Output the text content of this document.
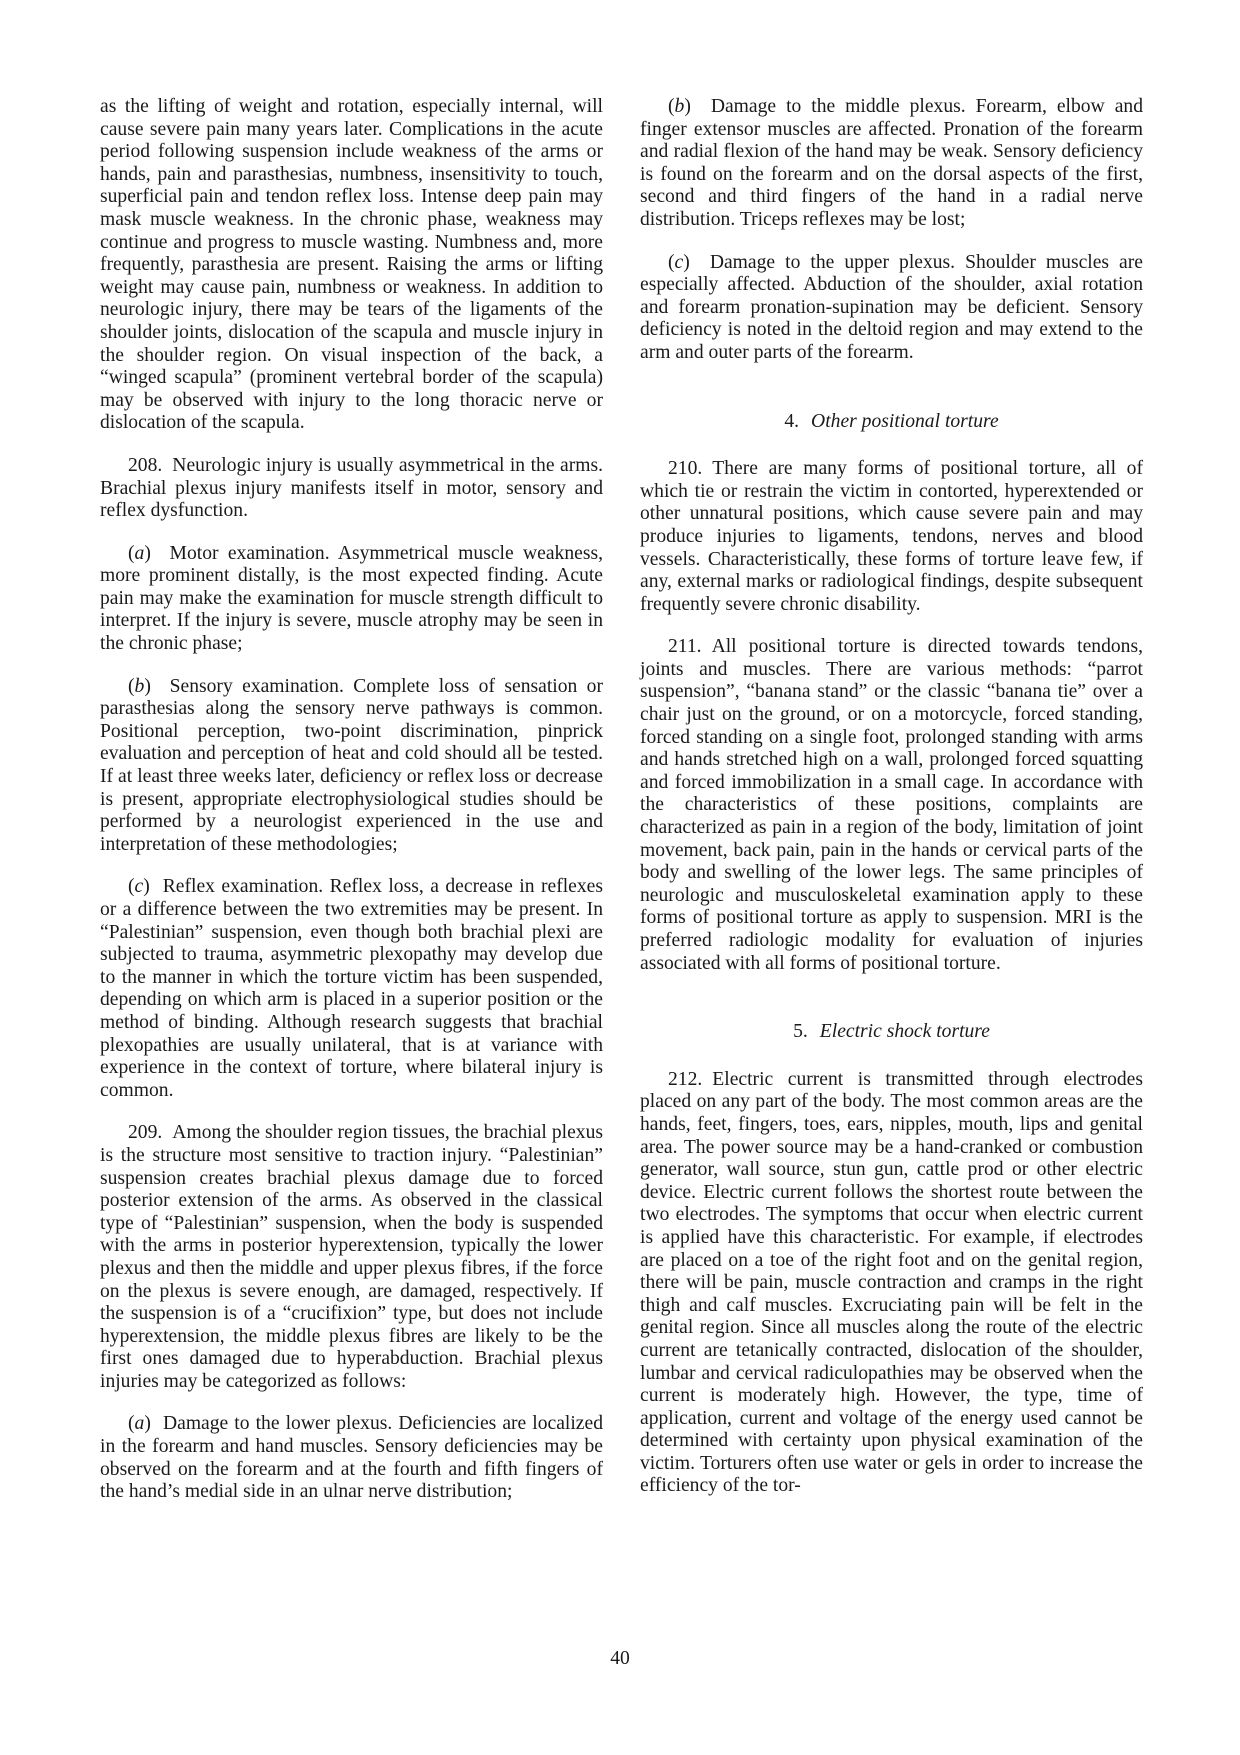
as the lifting of weight and rotation, especially internal, will cause severe pain many years later. Complications in the acute period following suspension include weakness of the arms or hands, pain and parasthesias, numbness, insensitivity to touch, superficial pain and tendon reflex loss. Intense deep pain may mask muscle weakness. In the chronic phase, weakness may continue and progress to muscle wasting. Numbness and, more frequently, parasthesia are present. Raising the arms or lifting weight may cause pain, numbness or weakness. In addition to neurologic injury, there may be tears of the ligaments of the shoulder joints, dislocation of the scapula and muscle injury in the shoulder region. On visual inspection of the back, a “winged scapula” (prominent vertebral border of the scapula) may be observed with injury to the long thoracic nerve or dislocation of the scapula.

208. Neurologic injury is usually asymmetrical in the arms. Brachial plexus injury manifests itself in motor, sensory and reflex dysfunction.

(a)  Motor examination. Asymmetrical muscle weakness, more prominent distally, is the most expected finding. Acute pain may make the examination for muscle strength difficult to interpret. If the injury is severe, muscle atrophy may be seen in the chronic phase;

(b)  Sensory examination. Complete loss of sensation or parasthesias along the sensory nerve pathways is common. Positional perception, two-point discrimination, pinprick evaluation and perception of heat and cold should all be tested. If at least three weeks later, deficiency or reflex loss or decrease is present, appropriate electrophysiological studies should be performed by a neurologist experienced in the use and interpretation of these methodologies;

(c)  Reflex examination. Reflex loss, a decrease in reflexes or a difference between the two extremities may be present. In “Palestinian” suspension, even though both brachial plexi are subjected to trauma, asymmetric plexopathy may develop due to the manner in which the torture victim has been suspended, depending on which arm is placed in a superior position or the method of binding. Although research suggests that brachial plexopathies are usually unilateral, that is at variance with experience in the context of torture, where bilateral injury is common.

209. Among the shoulder region tissues, the brachial plexus is the structure most sensitive to traction injury. “Palestinian” suspension creates brachial plexus damage due to forced posterior extension of the arms. As observed in the classical type of “Palestinian” suspension, when the body is suspended with the arms in posterior hyperextension, typically the lower plexus and then the middle and upper plexus fibres, if the force on the plexus is severe enough, are damaged, respectively. If the suspension is of a “crucifixion” type, but does not include hyperextension, the middle plexus fibres are likely to be the first ones damaged due to hyperabduction. Brachial plexus injuries may be categorized as follows:

(a)  Damage to the lower plexus. Deficiencies are localized in the forearm and hand muscles. Sensory deficiencies may be observed on the forearm and at the fourth and fifth fingers of the hand’s medial side in an ulnar nerve distribution;

(b)  Damage to the middle plexus. Forearm, elbow and finger extensor muscles are affected. Pronation of the forearm and radial flexion of the hand may be weak. Sensory deficiency is found on the forearm and on the dorsal aspects of the first, second and third fingers of the hand in a radial nerve distribution. Triceps reflexes may be lost;

(c)  Damage to the upper plexus. Shoulder muscles are especially affected. Abduction of the shoulder, axial rotation and forearm pronation-supination may be deficient. Sensory deficiency is noted in the deltoid region and may extend to the arm and outer parts of the forearm.

4. Other positional torture

210. There are many forms of positional torture, all of which tie or restrain the victim in contorted, hyperextended or other unnatural positions, which cause severe pain and may produce injuries to ligaments, tendons, nerves and blood vessels. Characteristically, these forms of torture leave few, if any, external marks or radiological findings, despite subsequent frequently severe chronic disability.

211. All positional torture is directed towards tendons, joints and muscles. There are various methods: “parrot suspension”, “banana stand” or the classic “banana tie” over a chair just on the ground, or on a motorcycle, forced standing, forced standing on a single foot, prolonged standing with arms and hands stretched high on a wall, prolonged forced squatting and forced immobilization in a small cage. In accordance with the characteristics of these positions, complaints are characterized as pain in a region of the body, limitation of joint movement, back pain, pain in the hands or cervical parts of the body and swelling of the lower legs. The same principles of neurologic and musculoskeletal examination apply to these forms of positional torture as apply to suspension. MRI is the preferred radiologic modality for evaluation of injuries associated with all forms of positional torture.

5. Electric shock torture

212. Electric current is transmitted through electrodes placed on any part of the body. The most common areas are the hands, feet, fingers, toes, ears, nipples, mouth, lips and genital area. The power source may be a hand-cranked or combustion generator, wall source, stun gun, cattle prod or other electric device. Electric current follows the shortest route between the two electrodes. The symptoms that occur when electric current is applied have this characteristic. For example, if electrodes are placed on a toe of the right foot and on the genital region, there will be pain, muscle contraction and cramps in the right thigh and calf muscles. Excruciating pain will be felt in the genital region. Since all muscles along the route of the electric current are tetanically contracted, dislocation of the shoulder, lumbar and cervical radiculopathies may be observed when the current is moderately high. However, the type, time of application, current and voltage of the energy used cannot be determined with certainty upon physical examination of the victim. Torturers often use water or gels in order to increase the efficiency of the tor-

40
